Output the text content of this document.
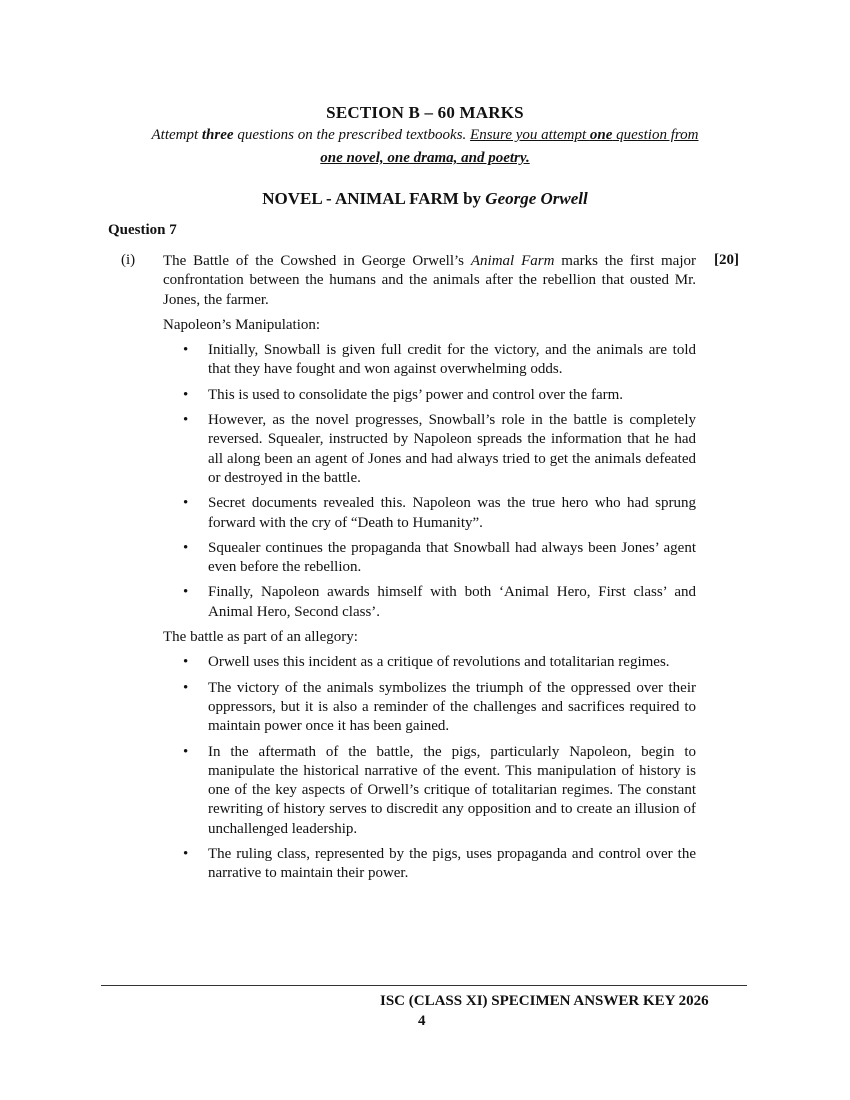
SECTION B – 60 MARKS
Attempt three questions on the prescribed textbooks. Ensure you attempt one question from
one novel, one drama, and poetry.
NOVEL - ANIMAL FARM by George Orwell
Question 7
(i)	[20]

The Battle of the Cowshed in George Orwell’s Animal Farm marks the first major confrontation between the humans and the animals after the rebellion that ousted Mr. Jones, the farmer.

Napoleon’s Manipulation:

• Initially, Snowball is given full credit for the victory, and the animals are told that they have fought and won against overwhelming odds.
• This is used to consolidate the pigs’ power and control over the farm.
• However, as the novel progresses, Snowball’s role in the battle is completely reversed. Squealer, instructed by Napoleon spreads the information that he had all along been an agent of Jones and had always tried to get the animals defeated or destroyed in the battle.
• Secret documents revealed this. Napoleon was the true hero who had sprung forward with the cry of “Death to Humanity”.
• Squealer continues the propaganda that Snowball had always been Jones’ agent even before the rebellion.
• Finally, Napoleon awards himself with both ‘Animal Hero, First class’ and Animal Hero, Second class’.

The battle as part of an allegory:

• Orwell uses this incident as a critique of revolutions and totalitarian regimes.
• The victory of the animals symbolizes the triumph of the oppressed over their oppressors, but it is also a reminder of the challenges and sacrifices required to maintain power once it has been gained.
• In the aftermath of the battle, the pigs, particularly Napoleon, begin to manipulate the historical narrative of the event. This manipulation of history is one of the key aspects of Orwell’s critique of totalitarian regimes. The constant rewriting of history serves to discredit any opposition and to create an illusion of unchallenged leadership.
• The ruling class, represented by the pigs, uses propaganda and control over the narrative to maintain their power.
ISC (CLASS XI) SPECIMEN ANSWER KEY 2026
4
